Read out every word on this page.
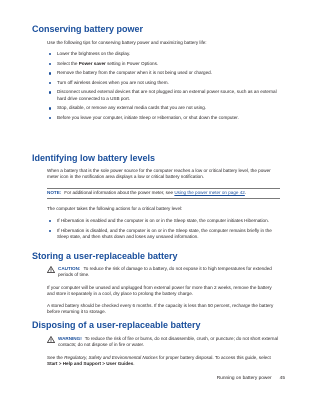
Conserving battery power

Use the following tips for conserving battery power and maximizing battery life:

Lower the brightness on the display.
Select the Power saver setting in Power Options.
Remove the battery from the computer when it is not being used or charged.
Turn off wireless devices when you are not using them.
Disconnect unused external devices that are not plugged into an external power source, such as an external hard drive connected to a USB port.
Stop, disable, or remove any external media cards that you are not using.
Before you leave your computer, initiate Sleep or Hibernation, or shut down the computer.
Identifying low battery levels

When a battery that is the sole power source for the computer reaches a low or critical battery level, the power meter icon in the notification area displays a low or critical battery notification.

NOTE: For additional information about the power meter, see Using the power meter on page 42.

The computer takes the following actions for a critical battery level:

If Hibernation is enabled and the computer is on or in the Sleep state, the computer initiates Hibernation.
If Hibernation is disabled, and the computer is on or in the Sleep state, the computer remains briefly in the Sleep state, and then shuts down and loses any unsaved information.
Storing a user-replaceable battery
CAUTION: To reduce the risk of damage to a battery, do not expose it to high temperatures for extended periods of time.

If your computer will be unused and unplugged from external power for more than 2 weeks, remove the battery and store it separately in a cool, dry place to prolong the battery charge.

A stored battery should be checked every 6 months. If the capacity is less than 50 percent, recharge the battery before returning it to storage.

Disposing of a user-replaceable battery
WARNING! To reduce the risk of fire or burns, do not disassemble, crush, or puncture; do not short external contacts; do not dispose of in fire or water.

See the Regulatory, Safety and Environmental Notices for proper battery disposal. To access this guide, select Start > Help and Support > User Guides.

Running on battery power 45
